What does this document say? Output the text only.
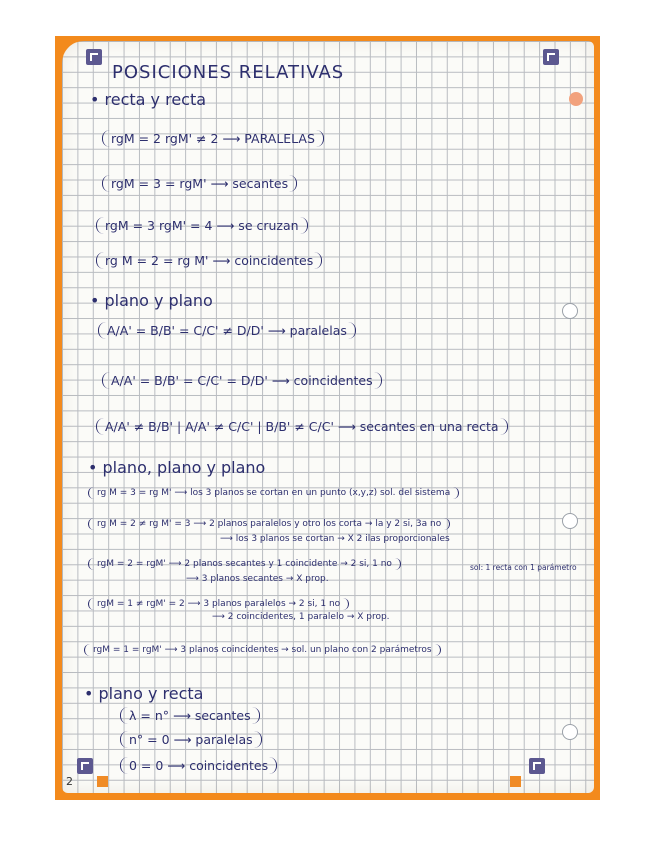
2
POSICIONES RELATIVAS
• recta y recta
rgM = 2 rgM' ≠ 2 ⟶ PARALELAS
rgM = 3 = rgM' ⟶ secantes
rgM = 3 rgM' = 4 ⟶ se cruzan
rg M = 2 = rg M' ⟶ coincidentes
• plano y plano
A/A' = B/B' = C/C' ≠ D/D' ⟶ paralelas
A/A' = B/B' = C/C' = D/D' ⟶ coincidentes
A/A' ≠ B/B' | A/A' ≠ C/C' | B/B' ≠ C/C' ⟶ secantes en una recta
• plano, plano y plano
rg M = 3 = rg M' ⟶ los 3 planos se cortan en un punto (x,y,z) sol. del sistema
rg M = 2 ≠ rg M' = 3 ⟶ 2 planos paralelos y otro los corta → la y 2 si, 3a no
⟶ los 3 planos se cortan → X 2 ilas proporcionales
rgM = 2 = rgM' ⟶ 2 planos secantes y 1 coincidente → 2 si, 1 no
⟶ 3 planos secantes → X prop.
sol: 1 recta con 1 parámetro
rgM = 1 ≠ rgM' = 2 ⟶ 3 planos paralelos → 2 si, 1 no
⟶ 2 coincidentes, 1 paralelo → X prop.
rgM = 1 = rgM' ⟶ 3 planos coincidentes → sol. un plano con 2 parámetros
• plano y recta
λ = n° ⟶ secantes
n° = 0 ⟶ paralelas
0 = 0 ⟶ coincidentes
